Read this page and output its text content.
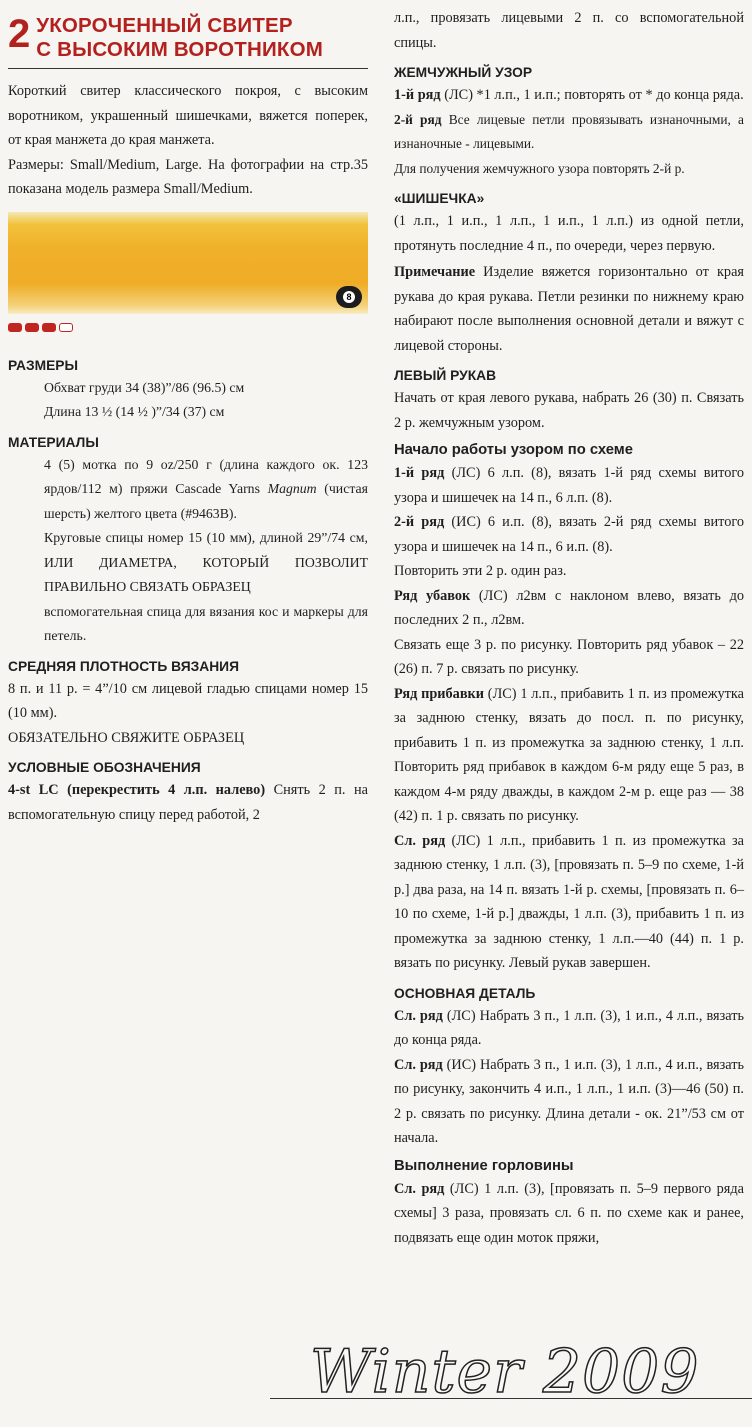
2 УКОРОЧЕННЫЙ СВИТЕР
С ВЫСОКИМ ВОРОТНИКОМ

Короткий свитер классического покроя, с высоким воротником, украшенный шишечками, вяжется поперек, от края манжета до края манжета.

Размеры: Small/Medium, Large. На фотографии на стр.35 показана модель размера Small/Medium.

8
РАЗМЕРЫ

Обхват груди 34 (38)”/86 (96.5) см

Длина 13 ½ (14 ½ )”/34 (37) см

МАТЕРИАЛЫ

4 (5) мотка по 9 oz/250 г (длина каждого ок. 123 ярдов/112 м) пряжи Cascade Yarns Magnum (чистая шерсть) желтого цвета (#9463B).

Круговые спицы номер 15 (10 мм), длиной 29”/74 см, ИЛИ ДИАМЕТРА, КОТОРЫЙ ПОЗВОЛИТ ПРАВИЛЬНО СВЯЗАТЬ ОБРАЗЕЦ

вспомогательная спица для вязания кос и маркеры для петель.

СРЕДНЯЯ ПЛОТНОСТЬ ВЯЗАНИЯ

8 п. и 11 р. = 4”/10 см лицевой гладью спицами номер 15 (10 мм).

ОБЯЗАТЕЛЬНО СВЯЖИТЕ ОБРАЗЕЦ

УСЛОВНЫЕ ОБОЗНАЧЕНИЯ

4-st LC (перекрестить 4 л.п. налево) Снять 2 п. на вспомогательную спицу перед работой, 2

л.п., провязать лицевыми 2 п. со вспомогательной спицы.

ЖЕМЧУЖНЫЙ УЗОР

1-й ряд (ЛС) *1 л.п., 1 и.п.; повторять от * до конца ряда.

2-й ряд Все лицевые петли провязывать изнаночными, а изнаночные - лицевыми.

Для получения жемчужного узора повторять 2-й р.

«ШИШЕЧКА»

(1 л.п., 1 и.п., 1 л.п., 1 и.п., 1 л.п.) из одной петли, протянуть последние 4 п., по очереди, через первую.

Примечание Изделие вяжется горизонтально от края рукава до края рукава. Петли резинки по нижнему краю набирают после выполнения основной детали и вяжут с лицевой стороны.

ЛЕВЫЙ РУКАВ

Начать от края левого рукава, набрать 26 (30) п. Связать 2 р. жемчужным узором.

Начало работы узором по схеме

1-й ряд (ЛС) 6 л.п. (8), вязать 1-й ряд схемы витого узора и шишечек на 14 п., 6 л.п. (8).

2-й ряд (ИС) 6 и.п. (8), вязать 2-й ряд схемы витого узора и шишечек на 14 п., 6 и.п. (8).

Повторить эти 2 р. один раз.

Ряд убавок (ЛС) л2вм с наклоном влево, вязать до последних 2 п., л2вм.

Связать еще 3 р. по рисунку. Повторить ряд убавок – 22 (26) п. 7 р. связать по рисунку.

Ряд прибавки (ЛС) 1 л.п., прибавить 1 п. из промежутка за заднюю стенку, вязать до посл. п. по рисунку, прибавить 1 п. из промежутка за заднюю стенку, 1 л.п. Повторить ряд прибавок в каждом 6-м ряду еще 5 раз, в каждом 4-м ряду дважды, в каждом 2-м р. еще раз — 38 (42) п. 1 р. связать по рисунку.

Сл. ряд (ЛС) 1 л.п., прибавить 1 п. из промежутка за заднюю стенку, 1 л.п. (3), [провязать п. 5–9 по схеме, 1-й р.] два раза, на 14 п. вязать 1-й р. схемы, [провязать п. 6–10 по схеме, 1-й р.] дважды, 1 л.п. (3), прибавить 1 п. из промежутка за заднюю стенку, 1 л.п.—40 (44) п. 1 р. вязать по рисунку. Левый рукав завершен.

ОСНОВНАЯ ДЕТАЛЬ

Сл. ряд (ЛС) Набрать 3 п., 1 л.п. (3), 1 и.п., 4 л.п., вязать до конца ряда.

Сл. ряд (ИС) Набрать 3 п., 1 и.п. (3), 1 л.п., 4 и.п., вязать по рисунку, закончить 4 и.п., 1 л.п., 1 и.п. (3)—46 (50) п. 2 р. связать по рисунку. Длина детали - ок. 21”/53 см от начала.

Выполнение горловины

Сл. ряд (ЛС) 1 л.п. (3), [провязать п. 5–9 первого ряда схемы] 3 раза, провязать сл. 6 п. по схеме как и ранее, подвязать еще один моток пряжи,

Winter 2009
